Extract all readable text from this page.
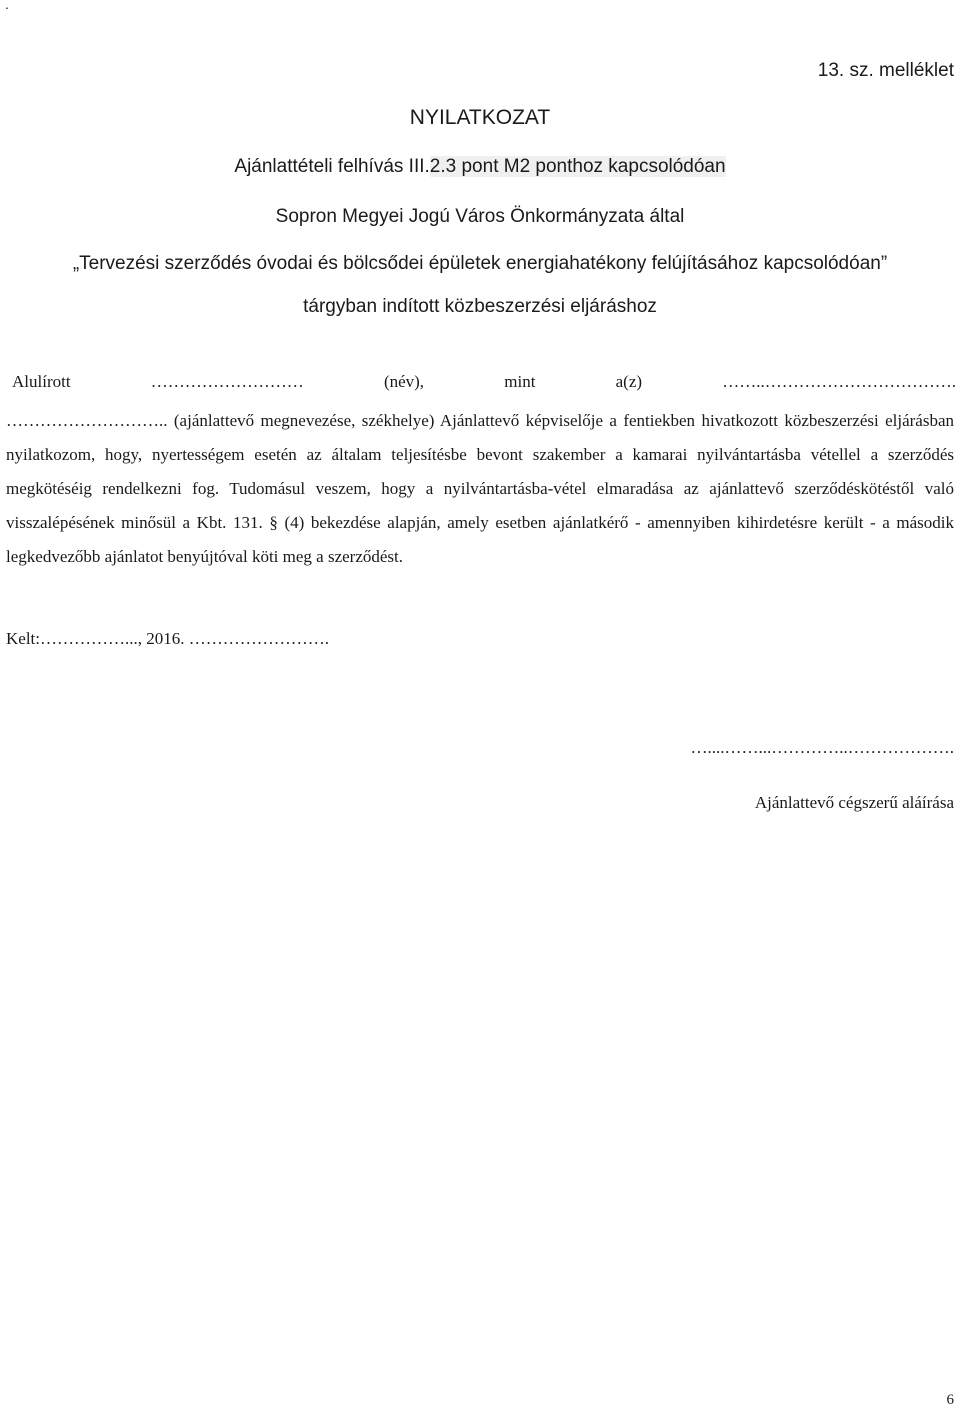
.
13. sz. melléklet
NYILATKOZAT
Ajánlattételi felhívás III.2.3 pont M2 ponthoz kapcsolódóan
Sopron Megyei Jogú Város Önkormányzata által
„Tervezési szerződés óvodai és bölcsődei épületek energiahatékony felújításához kapcsolódóan”
tárgyban indított közbeszerzési eljáráshoz
Alulírott	………………………	(név),	mint	a(z)	……..…………………………….

……………………….. (ajánlattevő megnevezése, székhelye) Ajánlattevő képviselője a fentiekben hivatkozott közbeszerzési eljárásban nyilatkozom, hogy, nyertességem esetén az általam teljesítésbe bevont szakember a kamarai nyilvántartásba vétellel a szerződés megkötéséig rendelkezni fog. Tudomásul veszem, hogy a nyilvántartásba-vétel elmaradása az ajánlattevő szerződéskötéstől való visszalépésének minősül a Kbt. 131. § (4) bekezdése alapján, amely esetben ajánlatkérő - amennyiben kihirdetésre került - a második legkedvezőbb ajánlatot benyújtóval köti meg a szerződést.

Kelt:……………..., 2016. …………………….
…....……...…………..……………….
Ajánlattevő cégszerű aláírása
6
